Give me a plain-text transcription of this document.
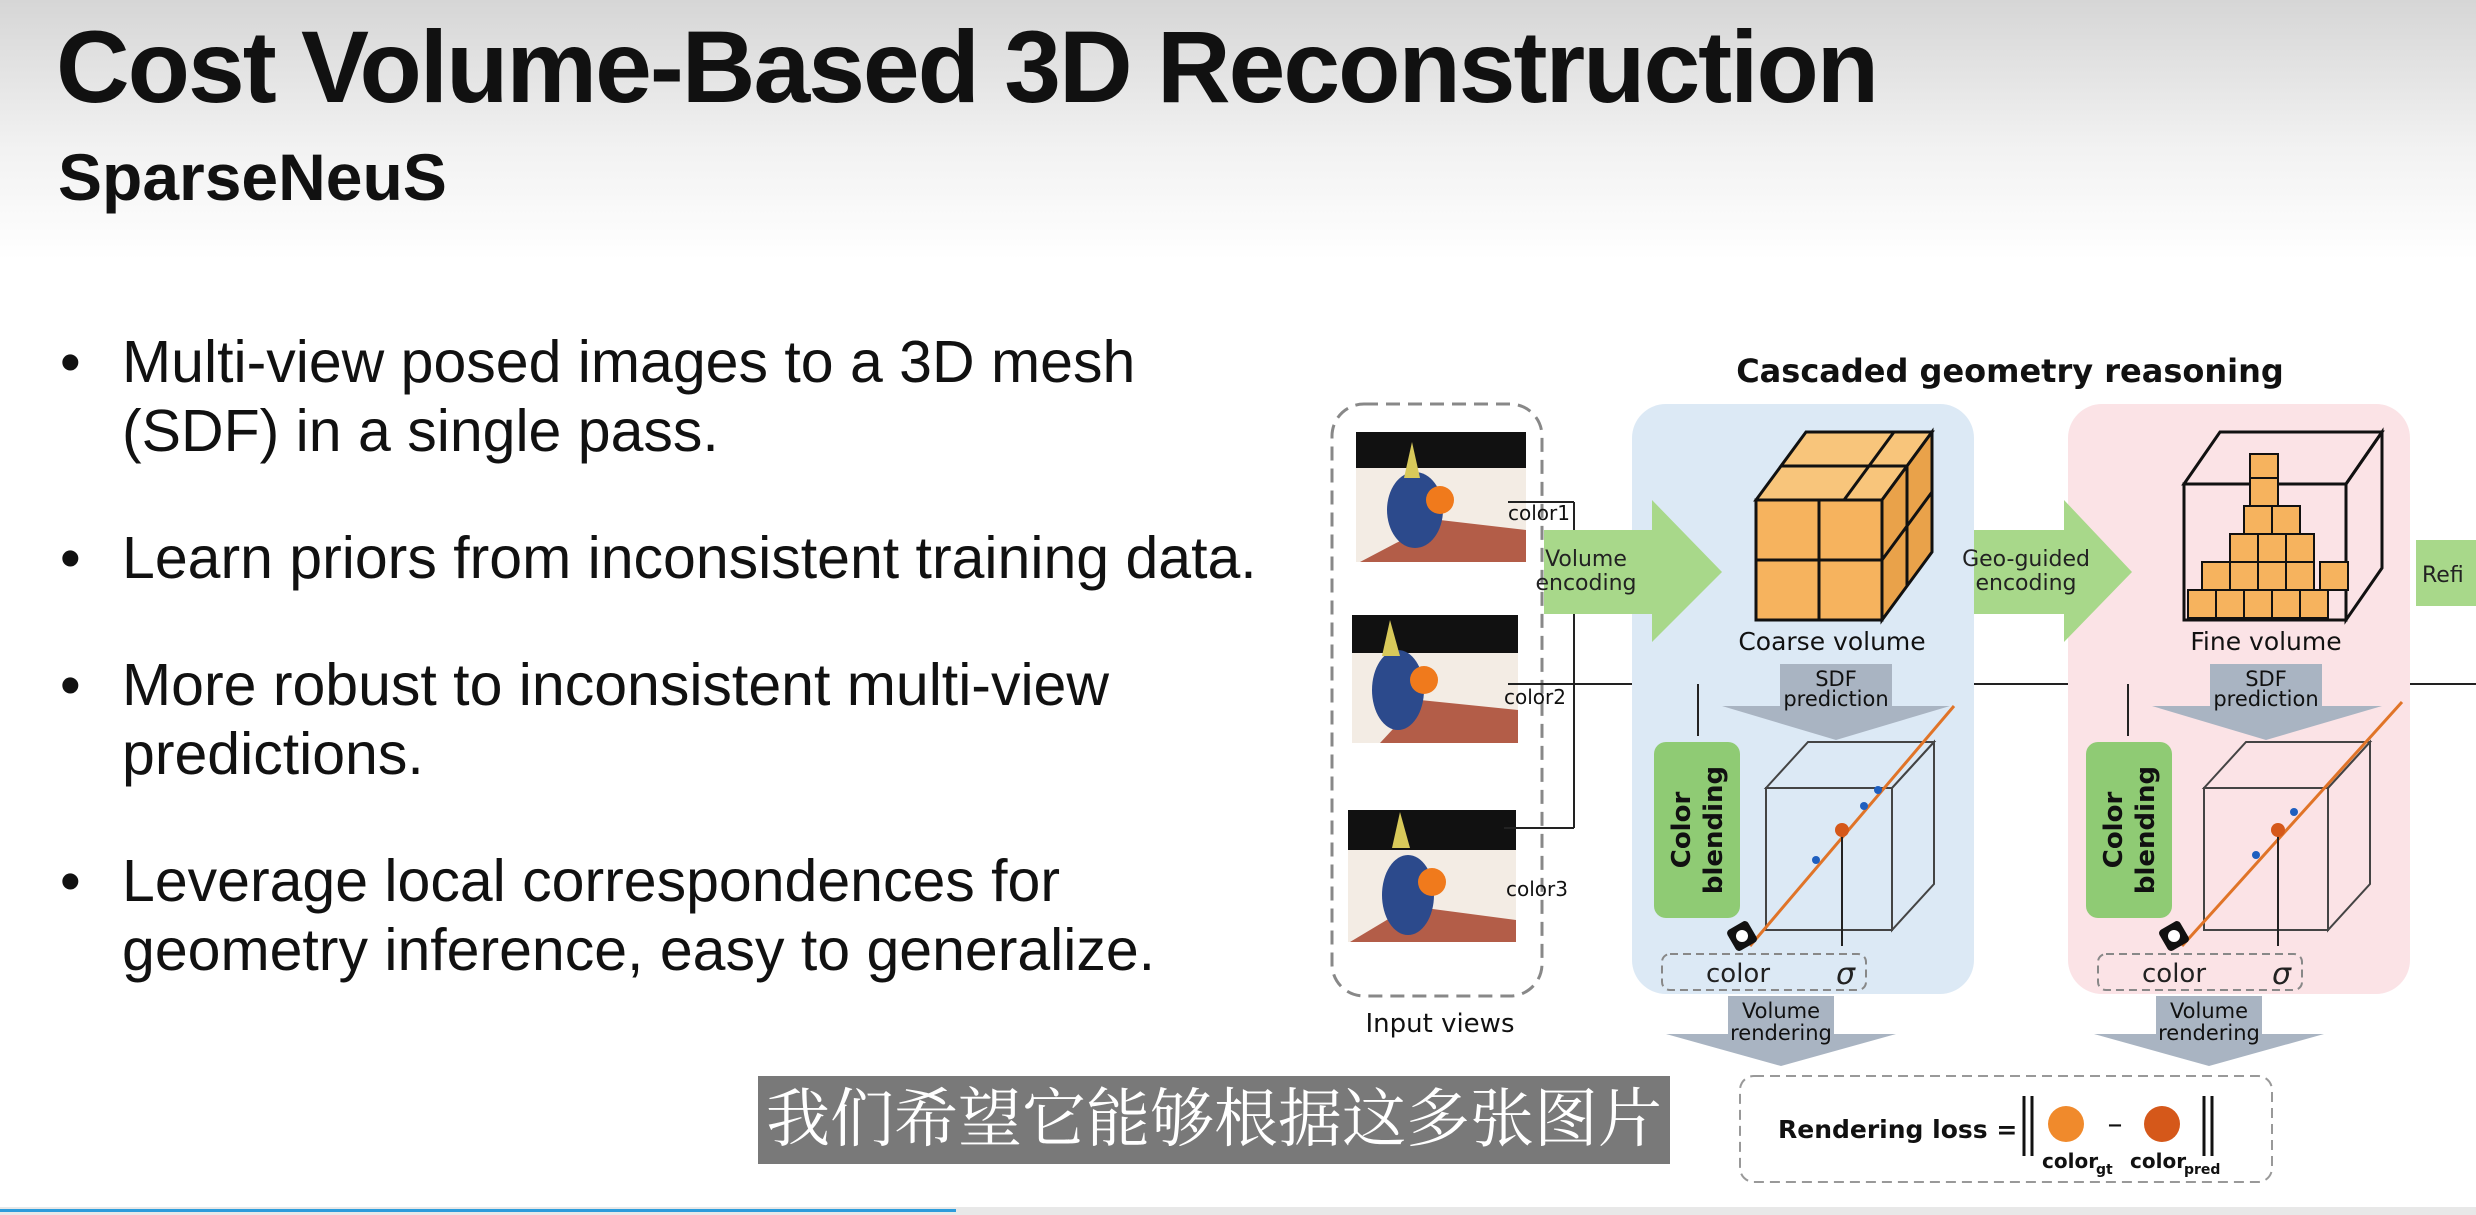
Cost Volume-Based 3D Reconstruction
SparseNeuS
• Multi-view posed images to a 3D mesh (SDF) in a single pass.
• Learn priors from inconsistent training data.
• More robust to inconsistent multi-view predictions.
• Leverage local correspondences for geometry inference, easy to generalize.
Cascaded geometry reasoning
color1
color2
color3
Input views
Volume
encoding
Coarse volume
Geo-guided
encoding
Fine volume
Refi
SDF
prediction
SDF
prediction
Color blending	Color blending
color σ	color σ
Volume
rendering
Volume
rendering
Rendering loss =	–
color
gt color
pred
我们希望它能够根据这多张图片
